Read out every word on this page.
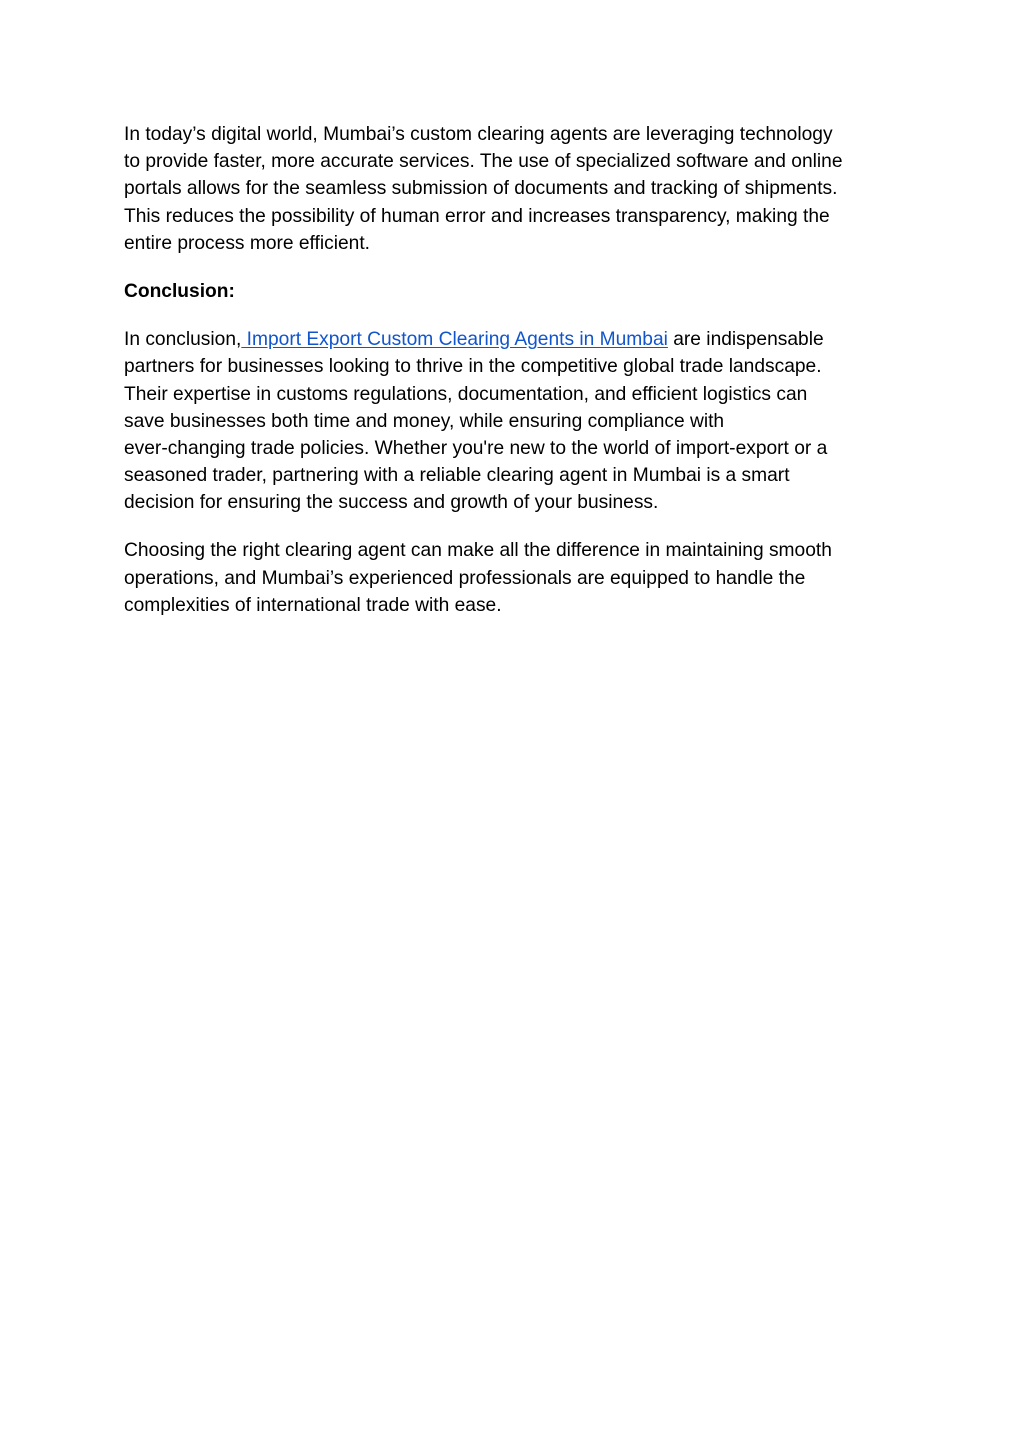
In today’s digital world, Mumbai’s custom clearing agents are leveraging technology
to provide faster, more accurate services. The use of specialized software and online
portals allows for the seamless submission of documents and tracking of shipments.
This reduces the possibility of human error and increases transparency, making the
entire process more efficient.

Conclusion:

In conclusion, Import Export Custom Clearing Agents in Mumbai are indispensable
partners for businesses looking to thrive in the competitive global trade landscape.
Their expertise in customs regulations, documentation, and efficient logistics can
save businesses both time and money, while ensuring compliance with
ever-changing trade policies. Whether you're new to the world of import-export or a
seasoned trader, partnering with a reliable clearing agent in Mumbai is a smart
decision for ensuring the success and growth of your business.

Choosing the right clearing agent can make all the difference in maintaining smooth
operations, and Mumbai’s experienced professionals are equipped to handle the
complexities of international trade with ease.
